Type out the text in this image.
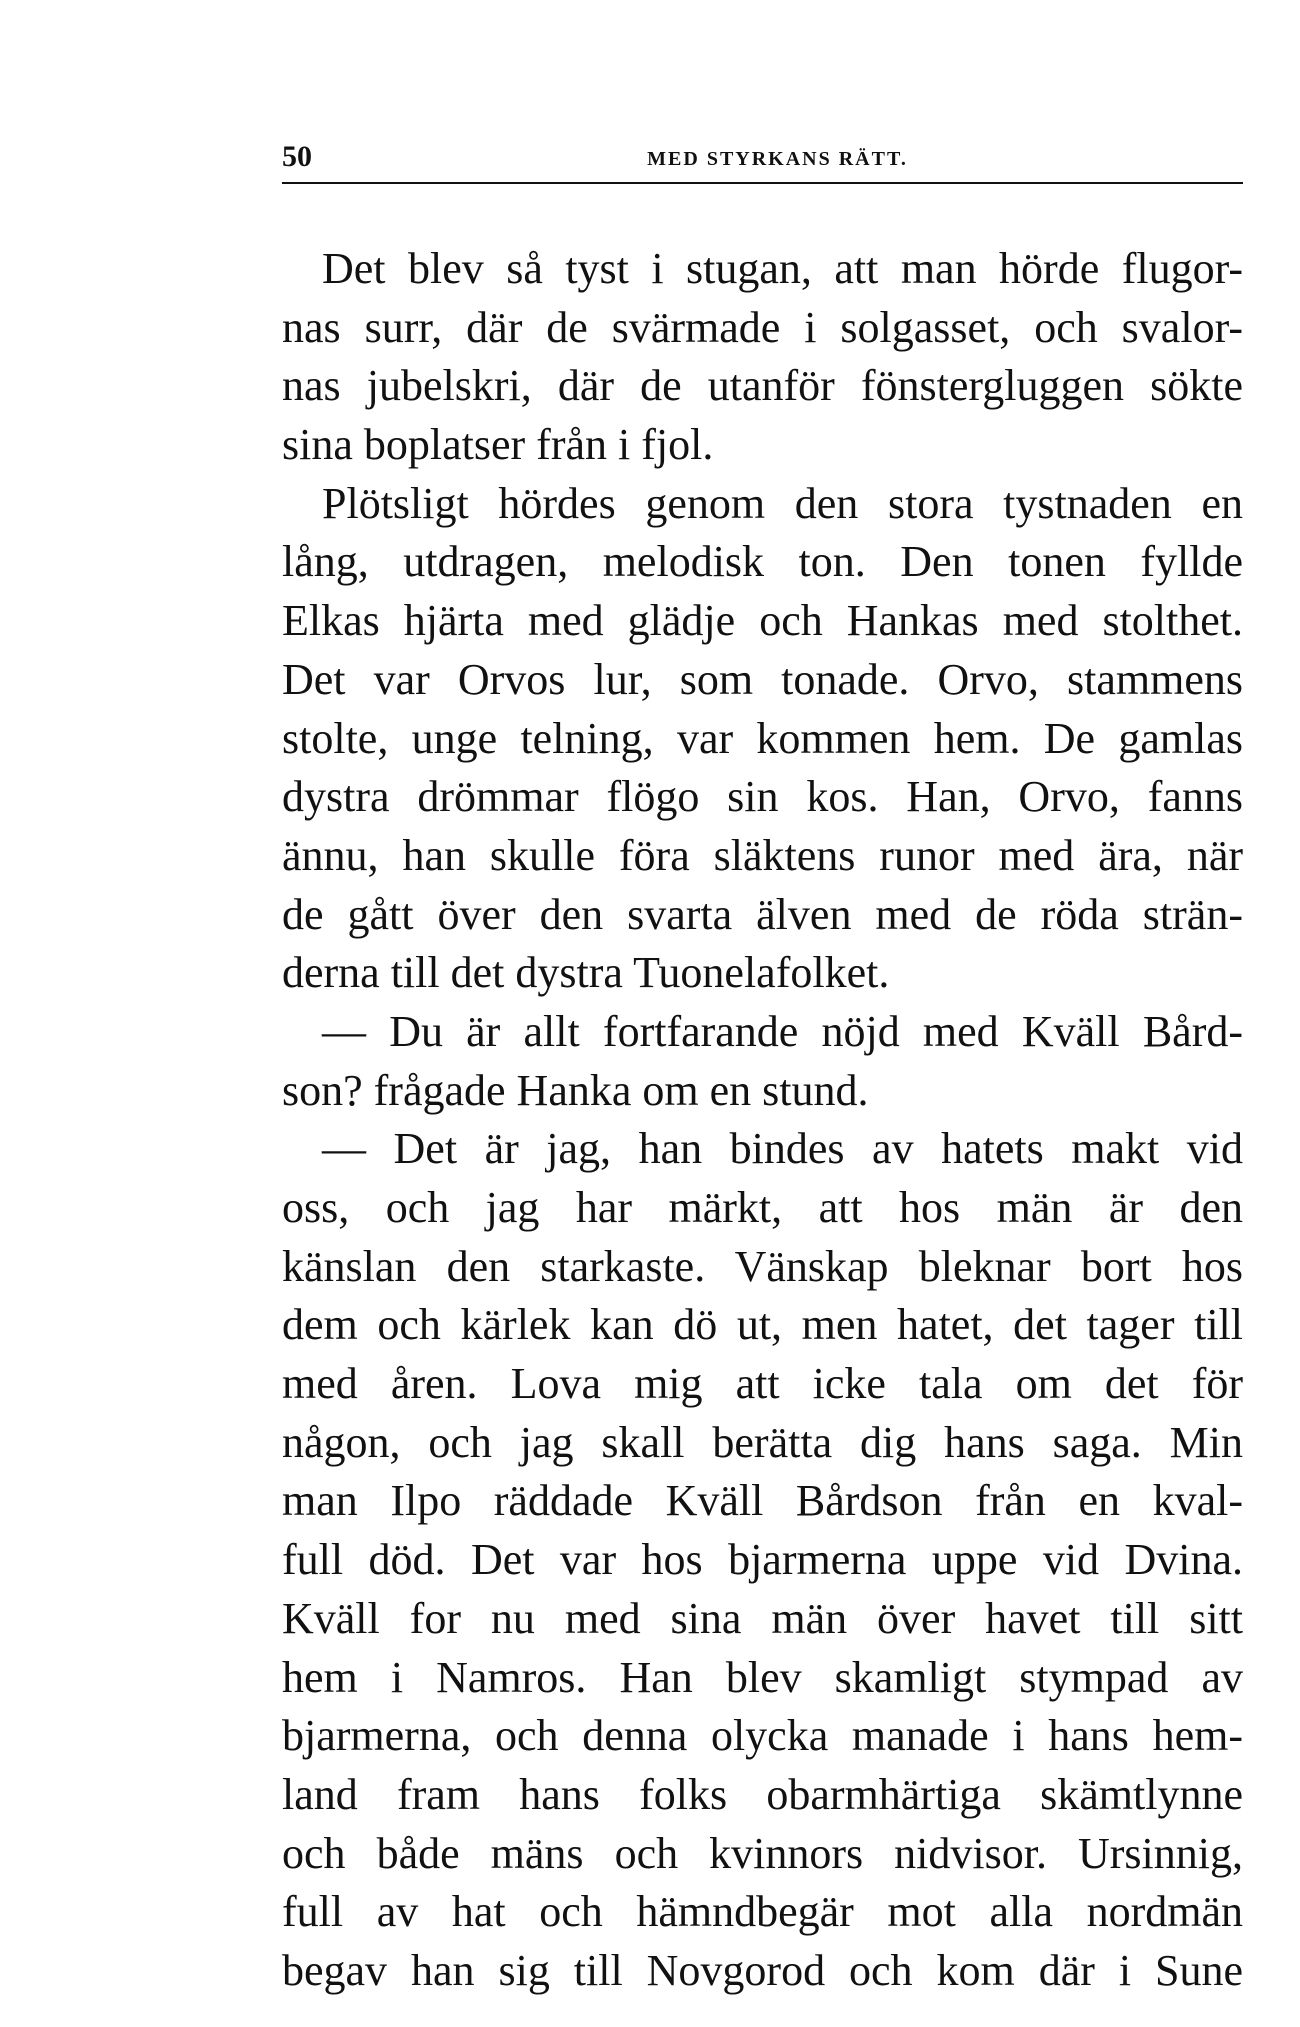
50	MED STYRKANS RÄTT.
Det blev så tyst i stugan, att man hörde flugor-
nas surr, där de svärmade i solgasset, och svalor-
nas jubelskri, där de utanför fönstergluggen sökte
sina boplatser från i fjol.
Plötsligt hördes genom den stora tystnaden en
lång, utdragen, melodisk ton. Den tonen fyllde
Elkas hjärta med glädje och Hankas med stolthet.
Det var Orvos lur, som tonade. Orvo, stammens
stolte, unge telning, var kommen hem. De gamlas
dystra drömmar flögo sin kos. Han, Orvo, fanns
ännu, han skulle föra släktens runor med ära, när
de gått över den svarta älven med de röda strän-
derna till det dystra Tuonelafolket.
— Du är allt fortfarande nöjd med Kväll Bård-
son? frågade Hanka om en stund.
— Det är jag, han bindes av hatets makt vid
oss, och jag har märkt, att hos män är den
känslan den starkaste. Vänskap bleknar bort hos
dem och kärlek kan dö ut, men hatet, det tager till
med åren. Lova mig att icke tala om det för
någon, och jag skall berätta dig hans saga. Min
man Ilpo räddade Kväll Bårdson från en kval-
full död. Det var hos bjarmerna uppe vid Dvina.
Kväll for nu med sina män över havet till sitt
hem i Namros. Han blev skamligt stympad av
bjarmerna, och denna olycka manade i hans hem-
land fram hans folks obarmhärtiga skämtlynne
och både mäns och kvinnors nidvisor. Ursinnig,
full av hat och hämndbegär mot alla nordmän
begav han sig till Novgorod och kom där i Sune
